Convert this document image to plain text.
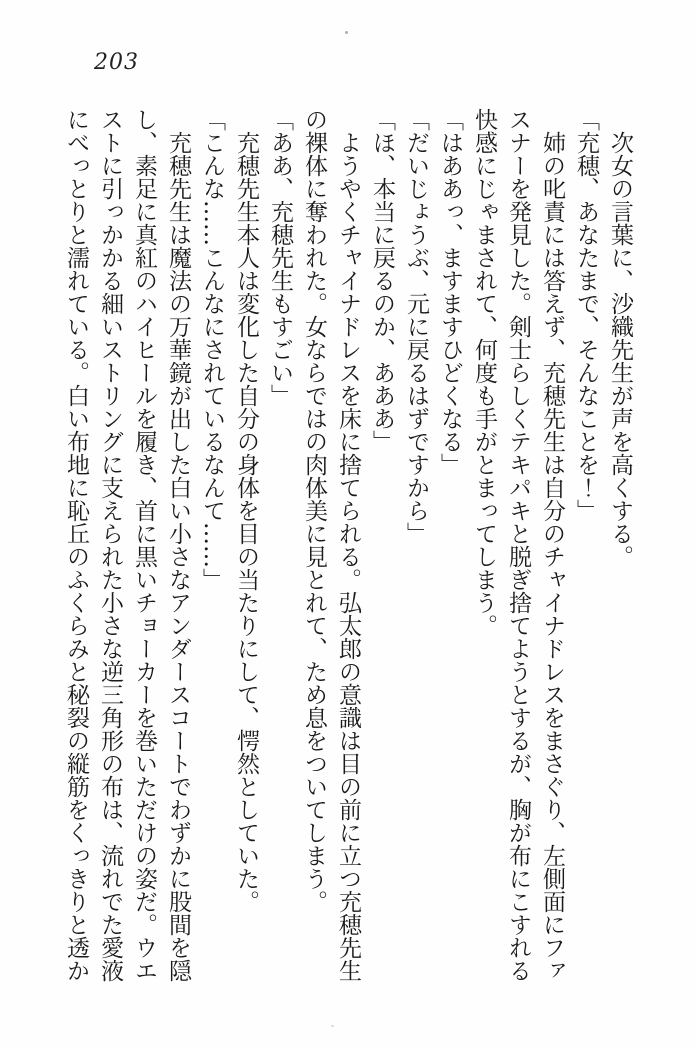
203

次女の言葉に、沙織先生が声を高くする。

「充穂、あなたまで、そんなことを！」

姉の叱責には答えず、充穂先生は自分のチャイナドレスをまさぐり、左側面にファスナーを発見した。剣士らしくテキパキと脱ぎ捨てようとするが、胸が布にこすれる快感にじゃまされて、何度も手がとまってしまう。

「はああっ、ますますひどくなる」

「だいじょうぶ、元に戻るはずですから」

「ほ、本当に戻るのか、あああ」

ようやくチャイナドレスを床に捨てられる。弘太郎の意識は目の前に立つ充穂先生の裸体に奪われた。女ならではの肉体美に見とれて、ため息をついてしまう。

「ああ、充穂先生もすごい」

充穂先生本人は変化した自分の身体を目の当たりにして、愕然としていた。

「こんな……こんなにされているなんて……」

充穂先生は魔法の万華鏡が出した白い小さなアンダースコートでわずかに股間を隠し、素足に真紅のハイヒールを履き、首に黒いチョーカーを巻いただけの姿だ。ウエストに引っかかる細いストリングに支えられた小さな逆三角形の布は、流れでた愛液にべっとりと濡れている。白い布地に恥丘のふくらみと秘裂の縦筋をくっきりと透か
